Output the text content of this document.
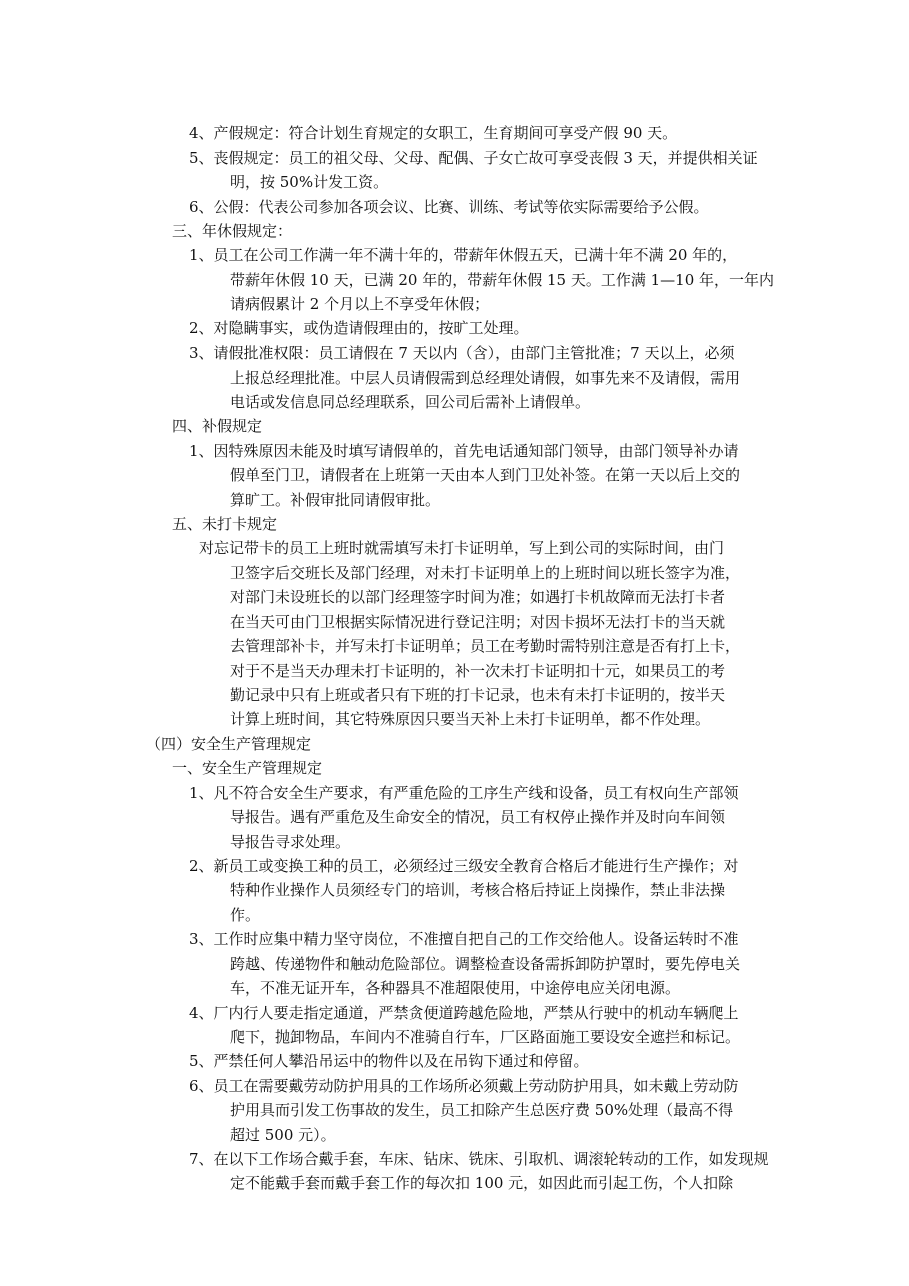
4、产假规定：符合计划生育规定的女职工，生育期间可享受产假 90 天。
5、丧假规定：员工的祖父母、父母、配偶、子女亡故可享受丧假 3 天，并提供相关证
明，按 50%计发工资。
6、公假：代表公司参加各项会议、比赛、训练、考试等依实际需要给予公假。
三、年休假规定：
1、员工在公司工作满一年不满十年的，带薪年休假五天，已满十年不满 20 年的，
带薪年休假 10 天，已满 20 年的，带薪年休假 15 天。工作满 1—10 年，一年内
请病假累计 2 个月以上不享受年休假；
2、对隐瞒事实，或伪造请假理由的，按旷工处理。
3、请假批准权限：员工请假在 7 天以内（含），由部门主管批准；7 天以上，必须
上报总经理批准。中层人员请假需到总经理处请假，如事先来不及请假，需用
电话或发信息同总经理联系，回公司后需补上请假单。
四、补假规定
1、因特殊原因未能及时填写请假单的，首先电话通知部门领导，由部门领导补办请
假单至门卫，请假者在上班第一天由本人到门卫处补签。在第一天以后上交的
算旷工。补假审批同请假审批。
五、未打卡规定
对忘记带卡的员工上班时就需填写未打卡证明单，写上到公司的实际时间，由门
卫签字后交班长及部门经理，对未打卡证明单上的上班时间以班长签字为准，
对部门未设班长的以部门经理签字时间为准；如遇打卡机故障而无法打卡者
在当天可由门卫根据实际情况进行登记注明；对因卡损坏无法打卡的当天就
去管理部补卡，并写未打卡证明单；员工在考勤时需特别注意是否有打上卡，
对于不是当天办理未打卡证明的，补一次未打卡证明扣十元，如果员工的考
勤记录中只有上班或者只有下班的打卡记录，也未有未打卡证明的，按半天
计算上班时间，其它特殊原因只要当天补上未打卡证明单，都不作处理。
（四）安全生产管理规定
一、安全生产管理规定
1、凡不符合安全生产要求，有严重危险的工序生产线和设备，员工有权向生产部领
导报告。遇有严重危及生命安全的情况，员工有权停止操作并及时向车间领
导报告寻求处理。
2、新员工或变换工种的员工，必须经过三级安全教育合格后才能进行生产操作；对
特种作业操作人员须经专门的培训，考核合格后持证上岗操作，禁止非法操
作。
3、工作时应集中精力坚守岗位，不准擅自把自己的工作交给他人。设备运转时不准
跨越、传递物件和触动危险部位。调整检查设备需拆卸防护罩时，要先停电关
车，不准无证开车，各种器具不准超限使用，中途停电应关闭电源。
4、厂内行人要走指定通道，严禁贪便道跨越危险地，严禁从行驶中的机动车辆爬上
爬下，抛卸物品，车间内不准骑自行车，厂区路面施工要设安全遮拦和标记。
5、严禁任何人攀沿吊运中的物件以及在吊钩下通过和停留。
6、员工在需要戴劳动防护用具的工作场所必须戴上劳动防护用具，如未戴上劳动防
护用具而引发工伤事故的发生，员工扣除产生总医疗费 50%处理（最高不得
超过 500 元）。
7、在以下工作场合戴手套，车床、钻床、铣床、引取机、调滚轮转动的工作，如发现规
定不能戴手套而戴手套工作的每次扣 100 元，如因此而引起工伤，个人扣除
